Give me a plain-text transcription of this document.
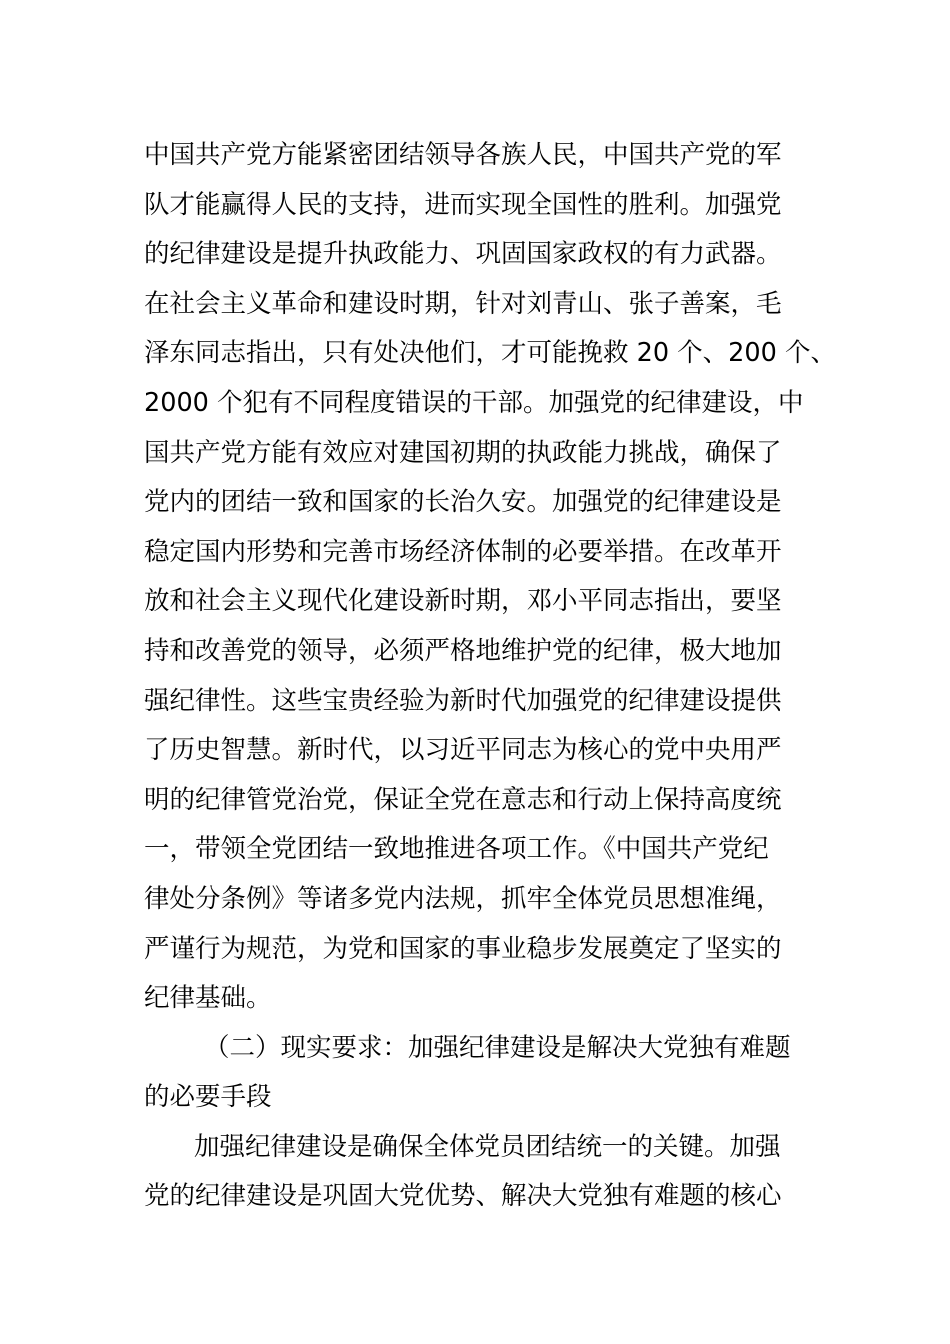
中国共产党方能紧密团结领导各族人民，中国共产党的军
队才能赢得人民的支持，进而实现全国性的胜利。加强党
的纪律建设是提升执政能力、巩固国家政权的有力武器。
在社会主义革命和建设时期，针对刘青山、张子善案，毛
泽东同志指出，只有处决他们，才可能挽救 20 个、200 个、
2000 个犯有不同程度错误的干部。加强党的纪律建设，中
国共产党方能有效应对建国初期的执政能力挑战，确保了
党内的团结一致和国家的长治久安。加强党的纪律建设是
稳定国内形势和完善市场经济体制的必要举措。在改革开
放和社会主义现代化建设新时期，邓小平同志指出，要坚
持和改善党的领导，必须严格地维护党的纪律，极大地加
强纪律性。这些宝贵经验为新时代加强党的纪律建设提供
了历史智慧。新时代，以习近平同志为核心的党中央用严
明的纪律管党治党，保证全党在意志和行动上保持高度统
一，带领全党团结一致地推进各项工作。《中国共产党纪
律处分条例》等诸多党内法规，抓牢全体党员思想准绳，
严谨行为规范，为党和国家的事业稳步发展奠定了坚实的
纪律基础。
（二）现实要求：加强纪律建设是解决大党独有难题
的必要手段
加强纪律建设是确保全体党员团结统一的关键。加强
党的纪律建设是巩固大党优势、解决大党独有难题的核心
